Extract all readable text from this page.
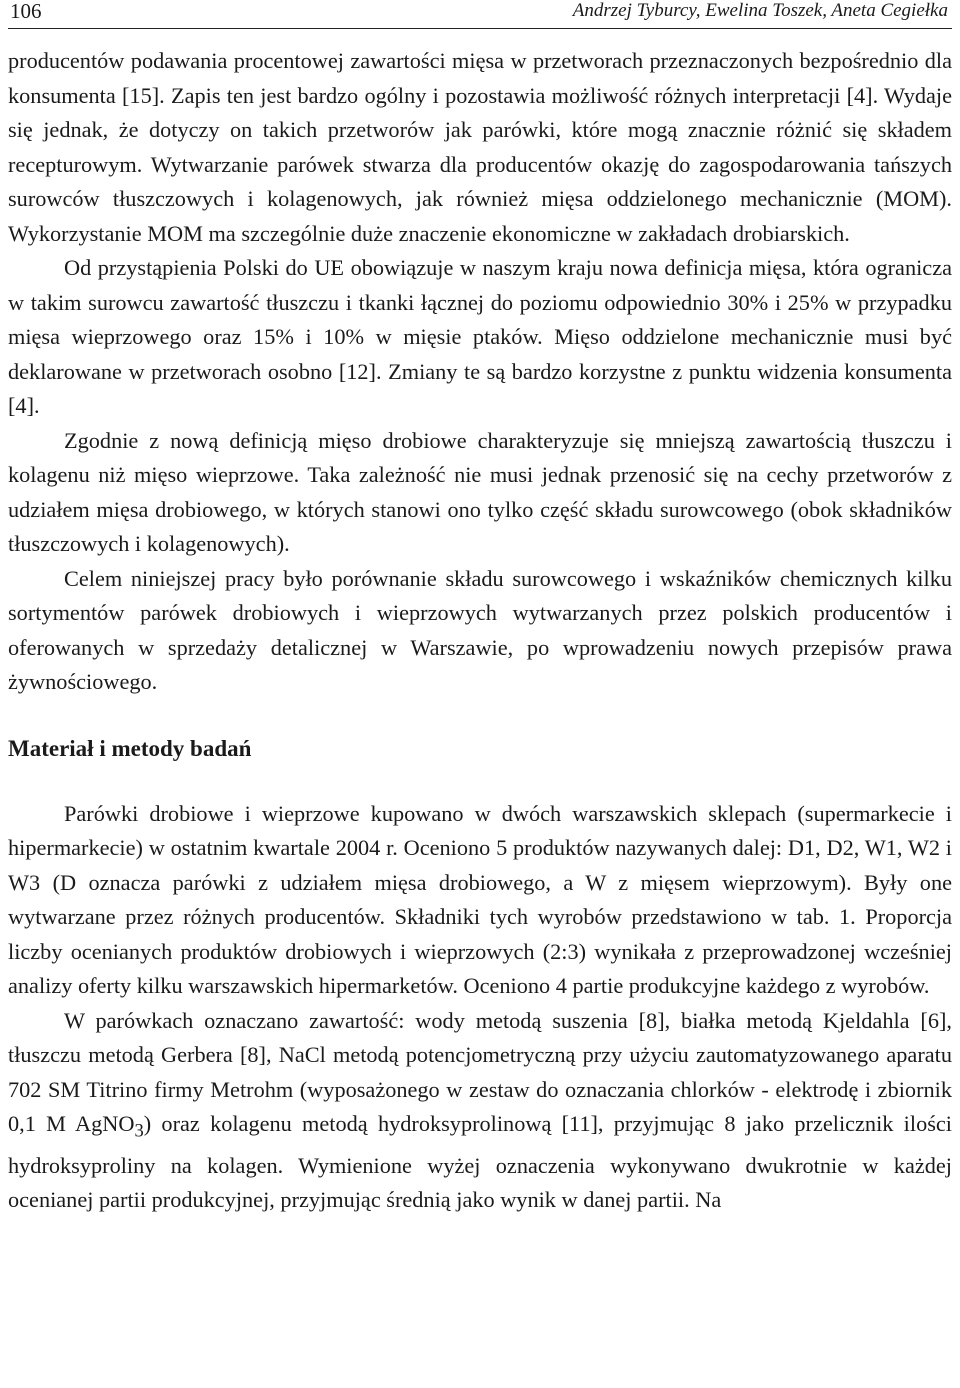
106	Andrzej Tyburcy, Ewelina Toszek, Aneta Cegiełka

producentów podawania procentowej zawartości mięsa w przetworach przeznaczonych bezpośrednio dla konsumenta [15]. Zapis ten jest bardzo ogólny i pozostawia możliwość różnych interpretacji [4]. Wydaje się jednak, że dotyczy on takich przetworów jak parówki, które mogą znacznie różnić się składem recepturowym. Wytwarzanie parówek stwarza dla producentów okazję do zagospodarowania tańszych surowców tłuszczowych i kolagenowych, jak również mięsa oddzielonego mechanicznie (MOM). Wykorzystanie MOM ma szczególnie duże znaczenie ekonomiczne w zakładach drobiarskich.

Od przystąpienia Polski do UE obowiązuje w naszym kraju nowa definicja mięsa, która ogranicza w takim surowcu zawartość tłuszczu i tkanki łącznej do poziomu odpowiednio 30% i 25% w przypadku mięsa wieprzowego oraz 15% i 10% w mięsie ptaków. Mięso oddzielone mechanicznie musi być deklarowane w przetworach osobno [12]. Zmiany te są bardzo korzystne z punktu widzenia konsumenta [4].

Zgodnie z nową definicją mięso drobiowe charakteryzuje się mniejszą zawartością tłuszczu i kolagenu niż mięso wieprzowe. Taka zależność nie musi jednak przenosić się na cechy przetworów z udziałem mięsa drobiowego, w których stanowi ono tylko część składu surowcowego (obok składników tłuszczowych i kolagenowych).

Celem niniejszej pracy było porównanie składu surowcowego i wskaźników chemicznych kilku sortymentów parówek drobiowych i wieprzowych wytwarzanych przez polskich producentów i oferowanych w sprzedaży detalicznej w Warszawie, po wprowadzeniu nowych przepisów prawa żywnościowego.

Materiał i metody badań

Parówki drobiowe i wieprzowe kupowano w dwóch warszawskich sklepach (supermarkecie i hipermarkecie) w ostatnim kwartale 2004 r. Oceniono 5 produktów nazywanych dalej: D1, D2, W1, W2 i W3 (D oznacza parówki z udziałem mięsa drobiowego, a W z mięsem wieprzowym). Były one wytwarzane przez różnych producentów. Składniki tych wyrobów przedstawiono w tab. 1. Proporcja liczby ocenianych produktów drobiowych i wieprzowych (2:3) wynikała z przeprowadzonej wcześniej analizy oferty kilku warszawskich hipermarketów. Oceniono 4 partie produkcyjne każdego z wyrobów.

W parówkach oznaczano zawartość: wody metodą suszenia [8], białka metodą Kjeldahla [6], tłuszczu metodą Gerbera [8], NaCl metodą potencjometryczną przy użyciu zautomatyzowanego aparatu 702 SM Titrino firmy Metrohm (wyposażonego w zestaw do oznaczania chlorków - elektrodę i zbiornik 0,1 M AgNO$_3$) oraz kolagenu metodą hydroksyprolinową [11], przyjmując 8 jako przelicznik ilości hydroksyproliny na kolagen. Wymienione wyżej oznaczenia wykonywano dwukrotnie w każdej ocenianej partii produkcyjnej, przyjmując średnią jako wynik w danej partii. Na
